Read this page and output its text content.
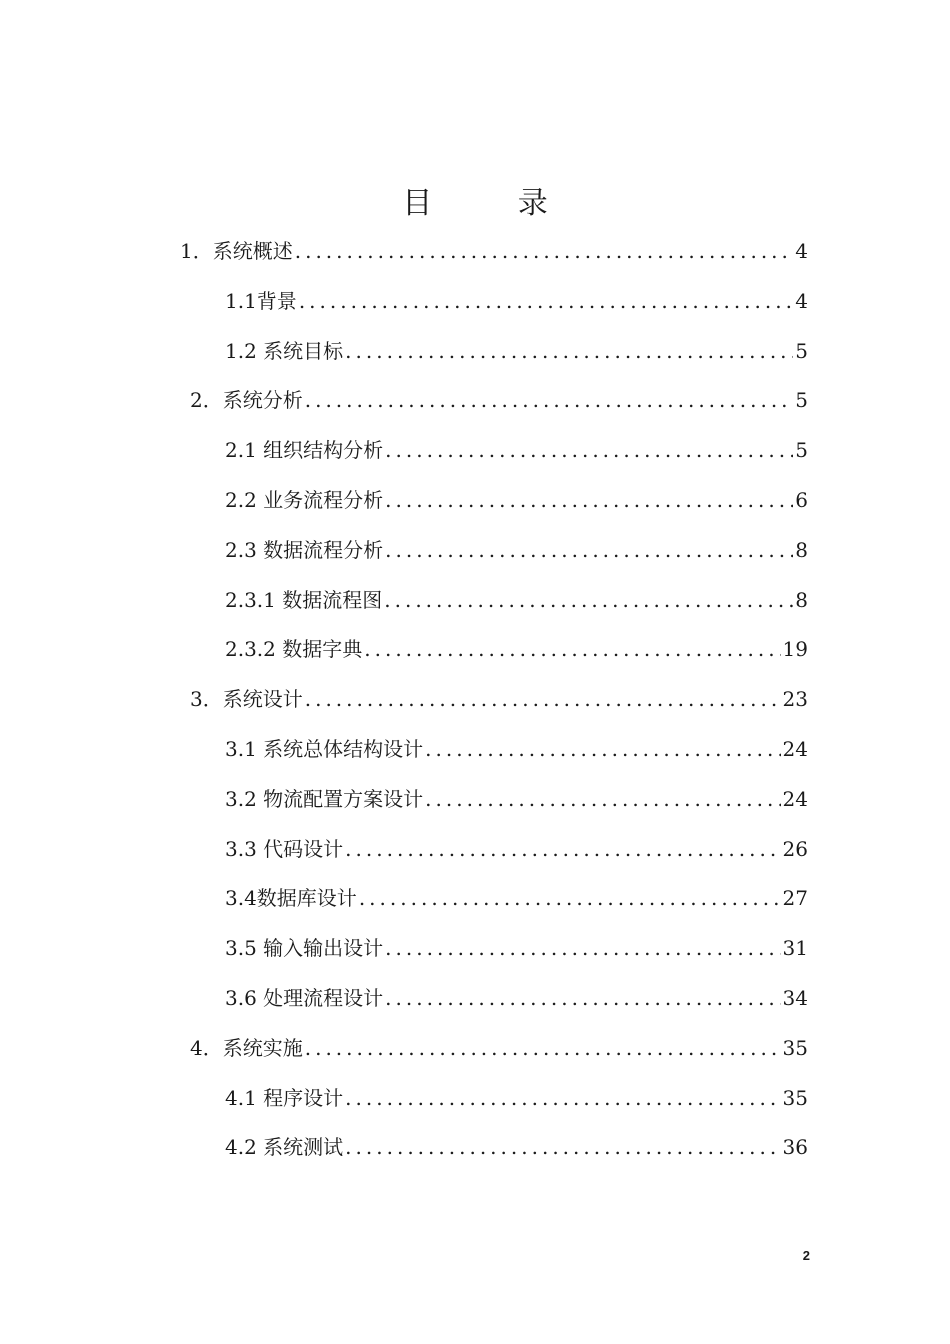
目 录
1．系统概述 .....	4
1.1背景 .....	4
1.2 系统目标 .....	5
2．系统分析 .....	5
2.1 组织结构分析 .....	5
2.2 业务流程分析 .....	6
2.3 数据流程分析 .....	8
2.3.1 数据流程图 .....	8
2.3.2 数据字典 .....	19
3．系统设计 .....	23
3.1 系统总体结构设计 .....	24
3.2 物流配置方案设计 .....	24
3.3 代码设计 .....	26
3.4数据库设计 .....	27
3.5 输入输出设计 .....	31
3.6 处理流程设计 .....	34
4．系统实施 .....	35
4.1 程序设计 .....	35
4.2 系统测试 .....	36
2
